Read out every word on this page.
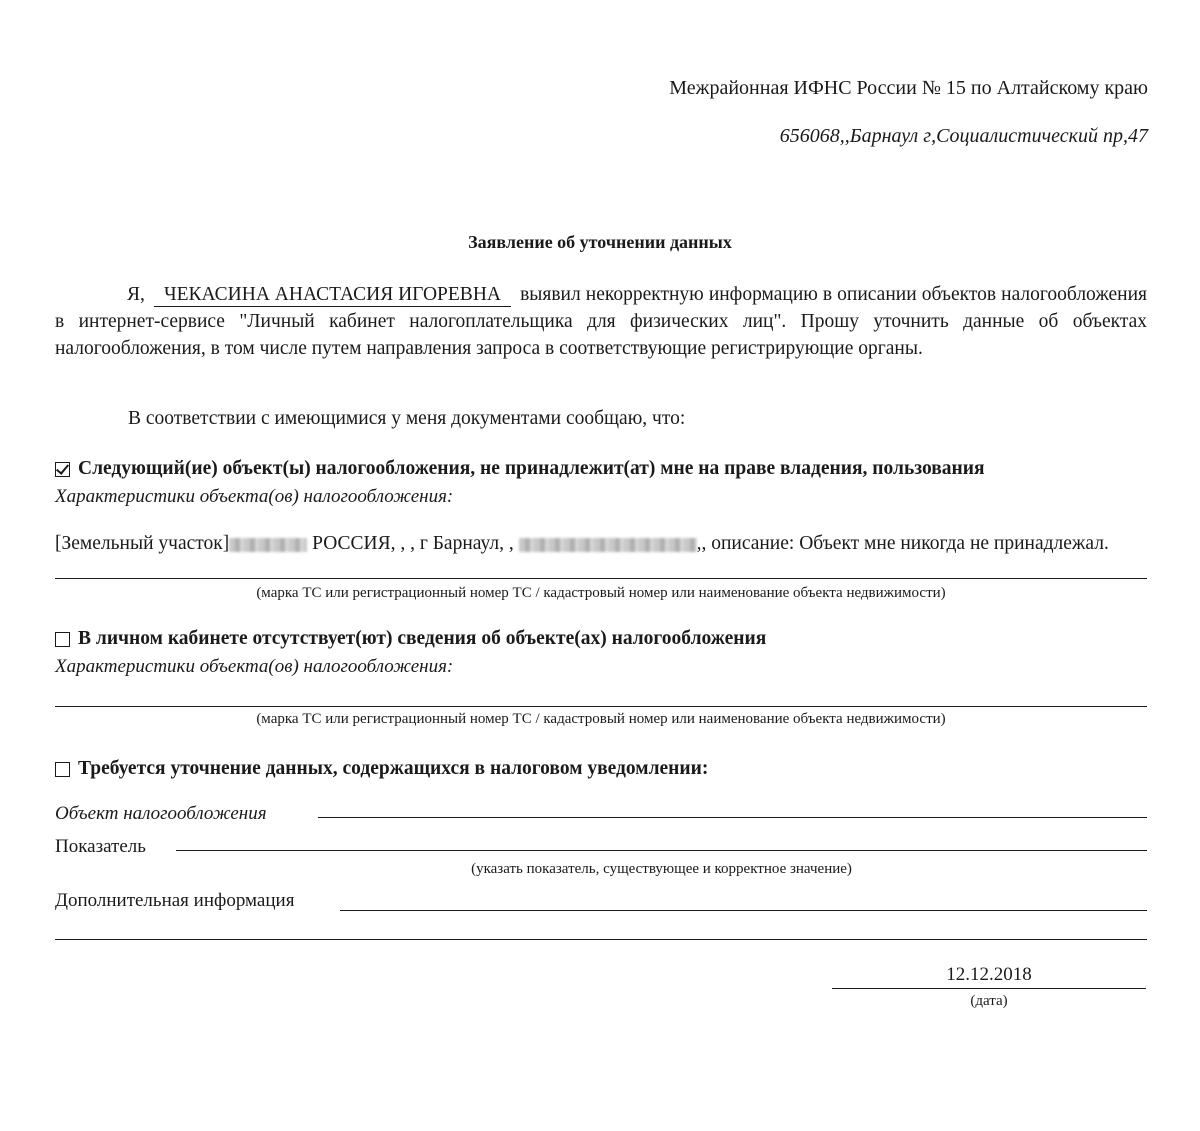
Межрайонная ИФНС России № 15 по Алтайскому краю
656068,,Барнаул г,Социалистический пр,47
Заявление об уточнении данных
Я, ЧЕКАСИНА АНАСТАСИЯ ИГОРЕВНА выявил некорректную информацию в описании объектов налогообложения в интернет-сервисе "Личный кабинет налогоплательщика для физических лиц". Прошу уточнить данные об объектах налогообложения, в том числе путем направления запроса в соответствующие регистрирующие органы.
В соответствии с имеющимися у меня документами сообщаю, что:
Следующий(ие) объект(ы) налогообложения, не принадлежит(ат) мне на праве владения, пользования
Характеристики объекта(ов) налогообложения:
[Земельный участок]	РОССИЯ, , , г Барнаул, ,	,, описание: Объект мне никогда не принадлежал.
(марка ТС или регистрационный номер ТС / кадастровый номер или наименование объекта недвижимости)
В личном кабинете отсутствует(ют) сведения об объекте(ах) налогообложения
Характеристики объекта(ов) налогообложения:
(марка ТС или регистрационный номер ТС / кадастровый номер или наименование объекта недвижимости)
Требуется уточнение данных, содержащихся в налоговом уведомлении:
Объект налогообложения
Показатель
(указать показатель, существующее и корректное значение)
Дополнительная информация
12.12.2018
(дата)
